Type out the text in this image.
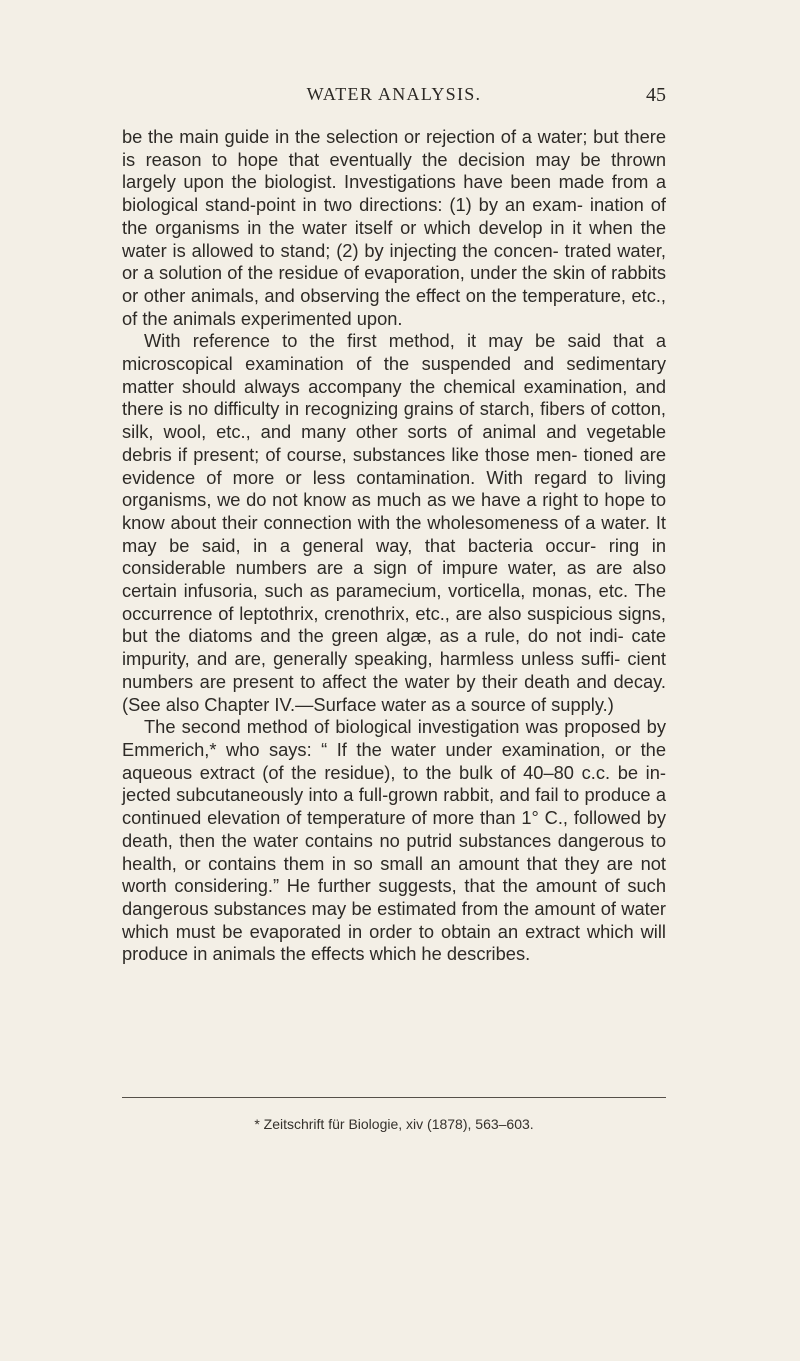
WATER ANALYSIS.	45

be the main guide in the selection or rejection of a water; but there is reason to hope that eventually the decision may be thrown largely upon the biologist. Investigations have been made from a biological stand-point in two directions: (1) by an exam- ination of the organisms in the water itself or which develop in it when the water is allowed to stand; (2) by injecting the concen- trated water, or a solution of the residue of evaporation, under the skin of rabbits or other animals, and observing the effect on the temperature, etc., of the animals experimented upon.

With reference to the first method, it may be said that a microscopical examination of the suspended and sedimentary matter should always accompany the chemical examination, and there is no difficulty in recognizing grains of starch, fibers of cotton, silk, wool, etc., and many other sorts of animal and vegetable debris if present; of course, substances like those men- tioned are evidence of more or less contamination. With regard to living organisms, we do not know as much as we have a right to hope to know about their connection with the wholesomeness of a water. It may be said, in a general way, that bacteria occur- ring in considerable numbers are a sign of impure water, as are also certain infusoria, such as paramecium, vorticella, monas, etc. The occurrence of leptothrix, crenothrix, etc., are also suspicious signs, but the diatoms and the green algæ, as a rule, do not indi- cate impurity, and are, generally speaking, harmless unless suffi- cient numbers are present to affect the water by their death and decay. (See also Chapter IV.—Surface water as a source of supply.)

The second method of biological investigation was proposed by Emmerich,* who says: “ If the water under examination, or the aqueous extract (of the residue), to the bulk of 40–80 c.c. be in- jected subcutaneously into a full-grown rabbit, and fail to produce a continued elevation of temperature of more than 1° C., followed by death, then the water contains no putrid substances dangerous to health, or contains them in so small an amount that they are not worth considering.” He further suggests, that the amount of such dangerous substances may be estimated from the amount of water which must be evaporated in order to obtain an extract which will produce in animals the effects which he describes.

* Zeitschrift für Biologie, xiv (1878), 563–603.
